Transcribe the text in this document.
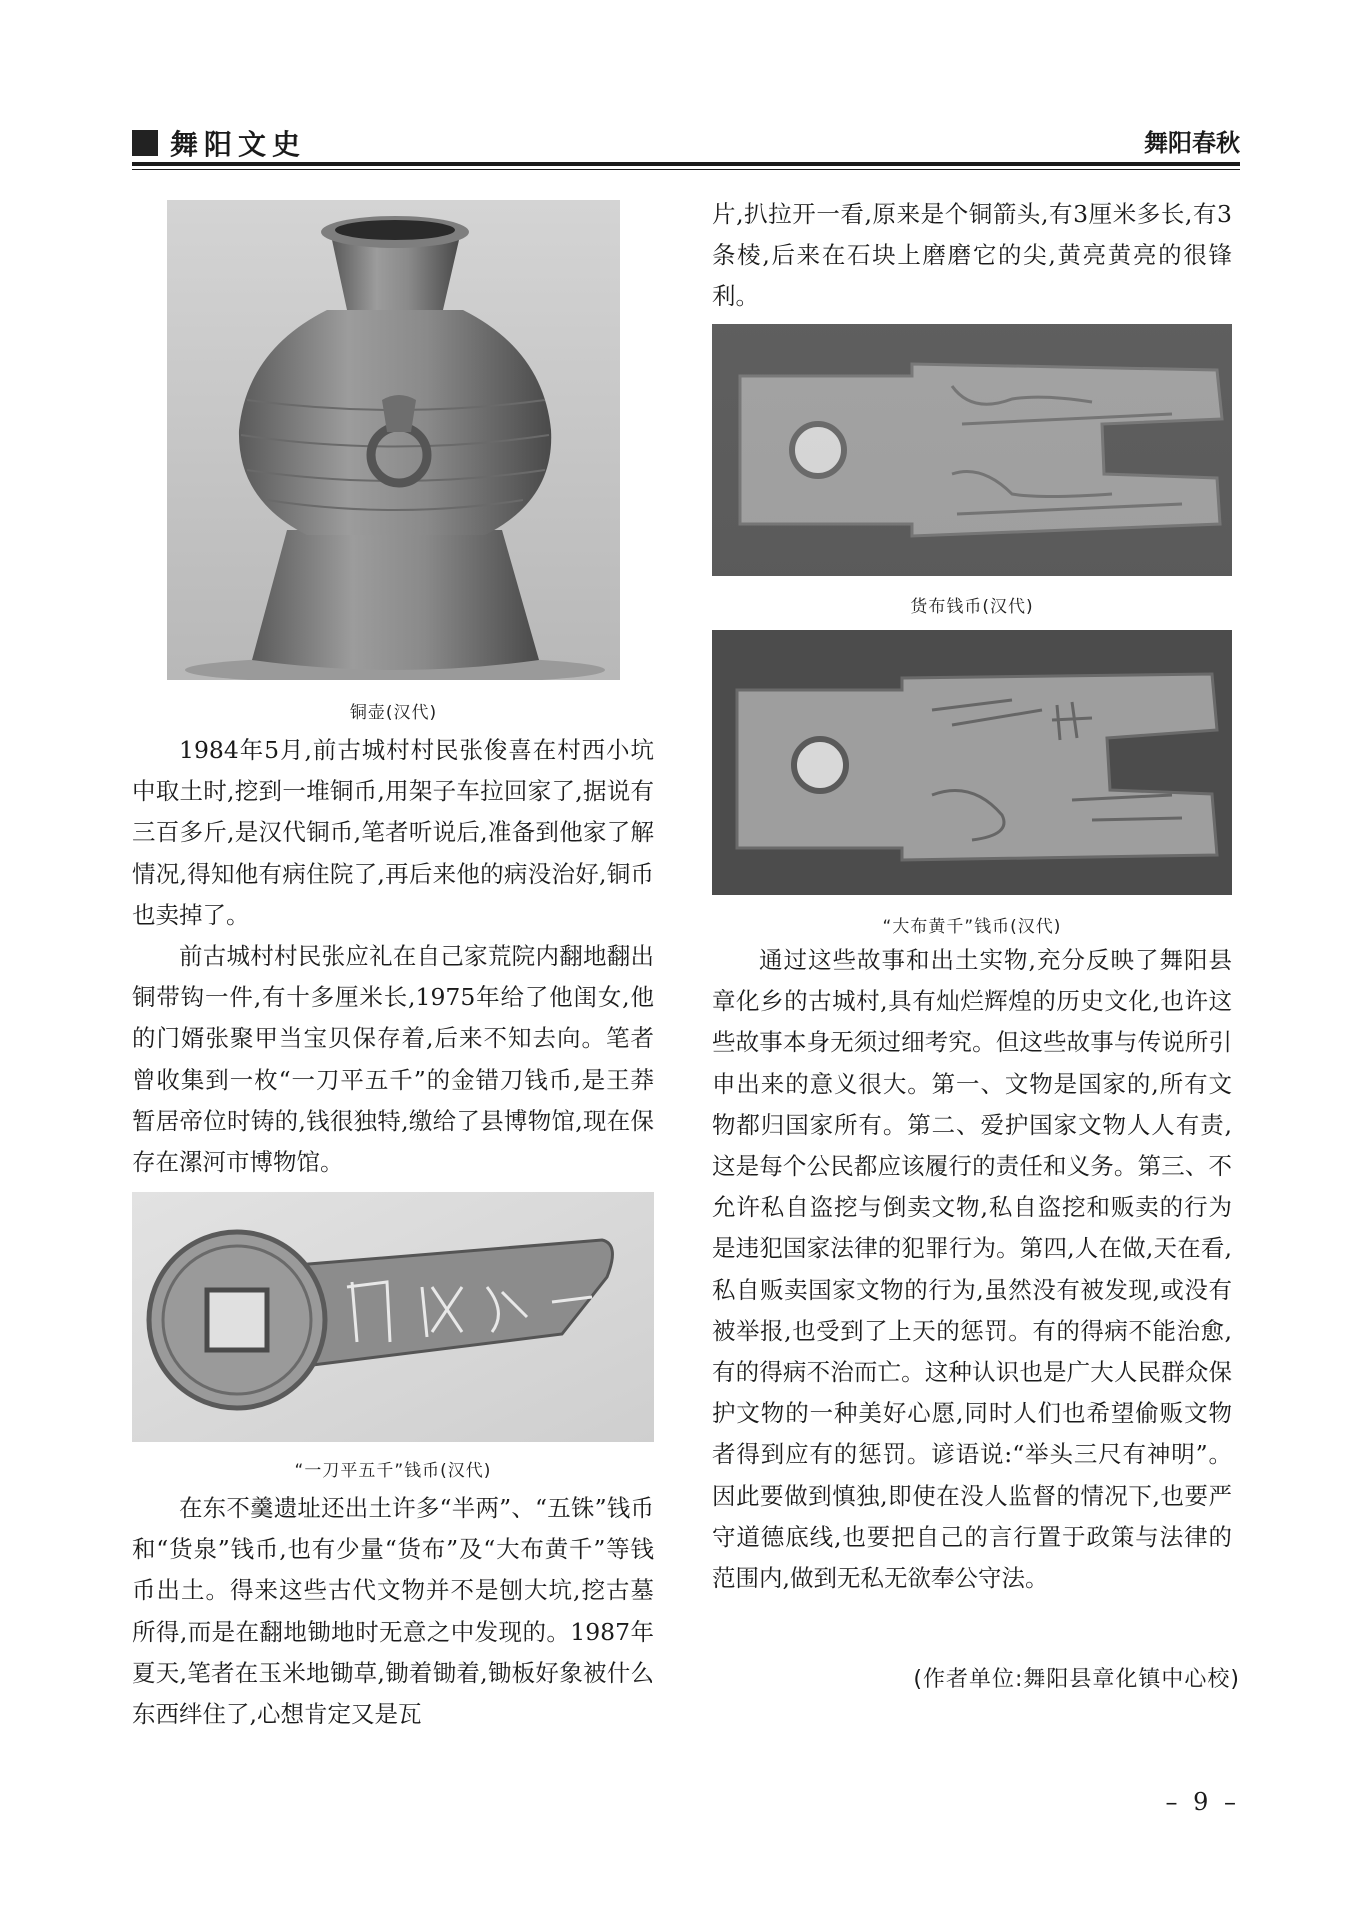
舞阳文史	舞阳春秋
铜壶(汉代)

1984年5月,前古城村村民张俊喜在村西小坑中取土时,挖到一堆铜币,用架子车拉回家了,据说有三百多斤,是汉代铜币,笔者听说后,准备到他家了解情况,得知他有病住院了,再后来他的病没治好,铜币也卖掉了。

前古城村村民张应礼在自己家荒院内翻地翻出铜带钩一件,有十多厘米长,1975年给了他闺女,他的门婿张聚甲当宝贝保存着,后来不知去向。笔者曾收集到一枚“一刀平五千”的金错刀钱币,是王莽暂居帝位时铸的,钱很独特,缴给了县博物馆,现在保存在漯河市博物馆。

“一刀平五千”钱币(汉代)

在东不羹遗址还出土许多“半两”、“五铢”钱币和“货泉”钱币,也有少量“货布”及“大布黄千”等钱币出土。得来这些古代文物并不是刨大坑,挖古墓所得,而是在翻地锄地时无意之中发现的。1987年夏天,笔者在玉米地锄草,锄着锄着,锄板好象被什么东西绊住了,心想肯定又是瓦

片,扒拉开一看,原来是个铜箭头,有3厘米多长,有3条棱,后来在石块上磨磨它的尖,黄亮黄亮的很锋利。

货布钱币(汉代)
“大布黄千”钱币(汉代)

通过这些故事和出土实物,充分反映了舞阳县章化乡的古城村,具有灿烂辉煌的历史文化,也许这些故事本身无须过细考究。但这些故事与传说所引申出来的意义很大。第一、文物是国家的,所有文物都归国家所有。第二、爱护国家文物人人有责,这是每个公民都应该履行的责任和义务。第三、不允许私自盗挖与倒卖文物,私自盗挖和贩卖的行为是违犯国家法律的犯罪行为。第四,人在做,天在看,私自贩卖国家文物的行为,虽然没有被发现,或没有被举报,也受到了上天的惩罚。有的得病不能治愈,有的得病不治而亡。这种认识也是广大人民群众保护文物的一种美好心愿,同时人们也希望偷贩文物者得到应有的惩罚。谚语说:“举头三尺有神明”。因此要做到慎独,即使在没人监督的情况下,也要严守道德底线,也要把自己的言行置于政策与法律的范围内,做到无私无欲奉公守法。

(作者单位:舞阳县章化镇中心校)
– 9 –
